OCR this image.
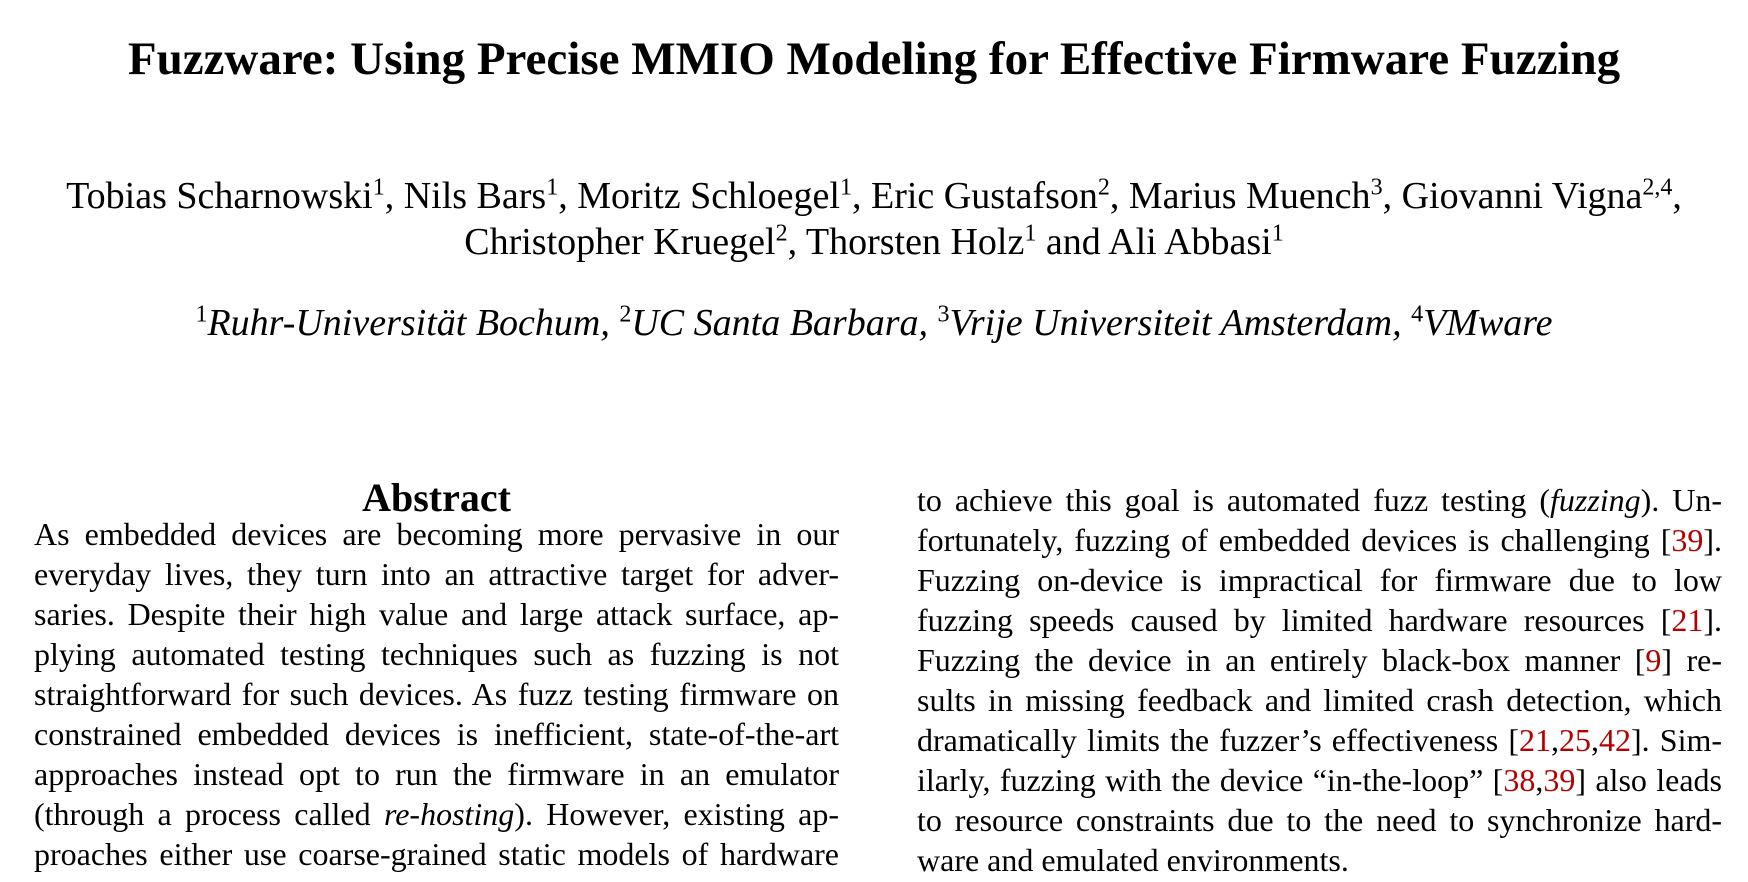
Fuzzware: Using Precise MMIO Modeling for Effective Firmware Fuzzing
Tobias Scharnowski$^1$, Nils Bars$^1$, Moritz Schloegel$^1$, Eric Gustafson$^2$, Marius Muench$^3$, Giovanni Vigna$^{2,4}$,
Christopher Kruegel$^2$, Thorsten Holz$^1$ and Ali Abbasi$^1$
$^1$Ruhr-Universität Bochum, $^2$UC Santa Barbara, $^3$Vrije Universiteit Amsterdam, $^4$VMware
Abstract
As embedded devices are becoming more pervasive in our
everyday lives, they turn into an attractive target for adver-
saries. Despite their high value and large attack surface, ap-
plying automated testing techniques such as fuzzing is not
straightforward for such devices. As fuzz testing firmware on
constrained embedded devices is inefficient, state-of-the-art
approaches instead opt to run the firmware in an emulator
(through a process called re-hosting). However, existing ap-
proaches either use coarse-grained static models of hardware
to achieve this goal is automated fuzz testing (fuzzing). Un-
fortunately, fuzzing of embedded devices is challenging [39].
Fuzzing on-device is impractical for firmware due to low
fuzzing speeds caused by limited hardware resources [21].
Fuzzing the device in an entirely black-box manner [9] re-
sults in missing feedback and limited crash detection, which
dramatically limits the fuzzer’s effectiveness [21,25,42]. Sim-
ilarly, fuzzing with the device “in-the-loop” [38,39] also leads
to resource constraints due to the need to synchronize hard-
ware and emulated environments.
